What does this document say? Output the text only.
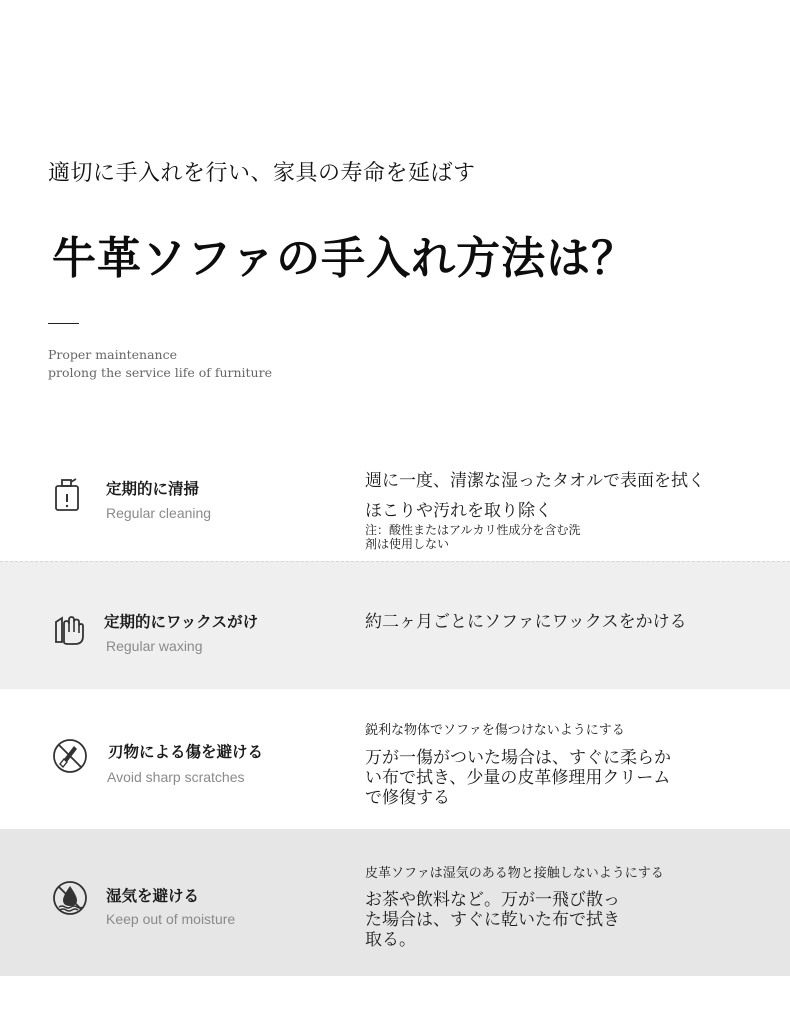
適切に手入れを行い、家具の寿命を延ばす
牛革ソファの手入れ方法は？
Proper maintenance
prolong the service life of furniture
定期的に清掃
Regular cleaning
週に一度、清潔な湿ったタオルで表面を拭く
ほこりや汚れを取り除く
注：酸性またはアルカリ性成分を含む洗
剤は使用しない
定期的にワックスがけ
Regular waxing
約二ヶ月ごとにソファにワックスをかける
刃物による傷を避ける
Avoid sharp scratches
鋭利な物体でソファを傷つけないようにする
万が一傷がついた場合は、すぐに柔らか
い布で拭き、少量の皮革修理用クリーム
で修復する
湿気を避ける
Keep out of moisture
皮革ソファは湿気のある物と接触しないようにする
お茶や飲料など。万が一飛び散っ
た場合は、すぐに乾いた布で拭き
取る。
